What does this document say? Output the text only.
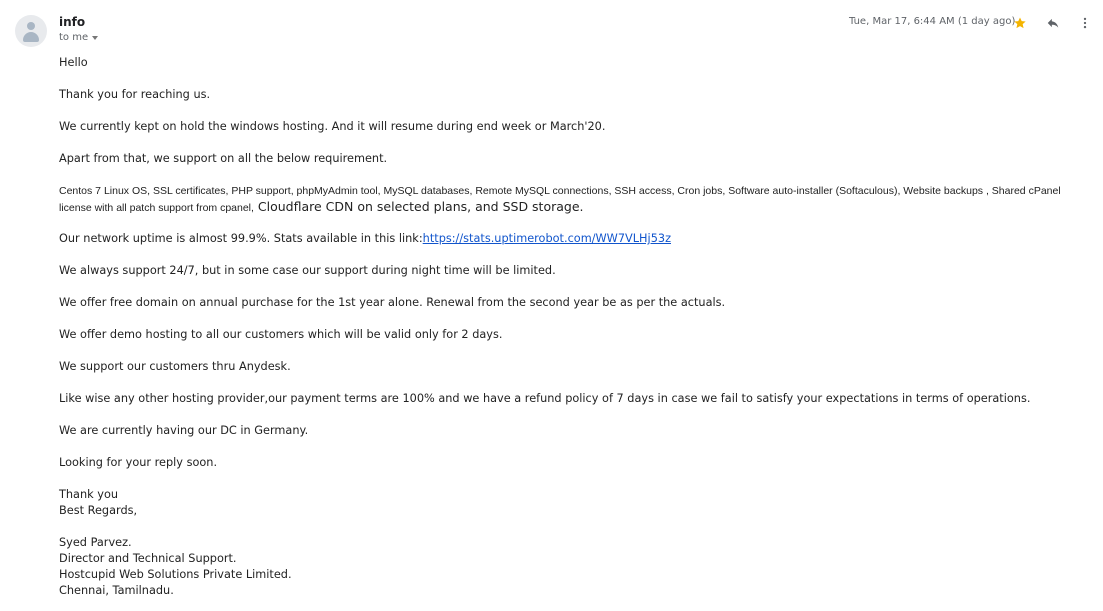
info
to me
Tue, Mar 17, 6:44 AM (1 day ago)

Hello

Thank you for reaching us.

We currently kept on hold the windows hosting. And it will resume during end week or March'20.

Apart from that, we support on all the below requirement.

Centos 7 Linux OS, SSL certificates, PHP support, phpMyAdmin tool, MySQL databases, Remote MySQL connections, SSH access, Cron jobs, Software auto-installer (Softaculous), Website backups , Shared cPanel license with all patch support from cpanel, Cloudflare CDN on selected plans, and SSD storage.

Our network uptime is almost 99.9%. Stats available in this link:https://stats.uptimerobot.com/WW7VLHj53z

We always support 24/7, but in some case our support during night time will be limited.

We offer free domain on annual purchase for the 1st year alone. Renewal from the second year be as per the actuals.

We offer demo hosting to all our customers which will be valid only for 2 days.

We support our customers thru Anydesk.

Like wise any other hosting provider,our payment terms are 100% and we have a refund policy of 7 days in case we fail to satisfy your expectations in terms of operations.

We are currently having our DC in Germany.

Looking for your reply soon.

Thank you
Best Regards,
Syed Parvez.
Director and Technical Support.
Hostcupid Web Solutions Private Limited.
Chennai, Tamilnadu.
